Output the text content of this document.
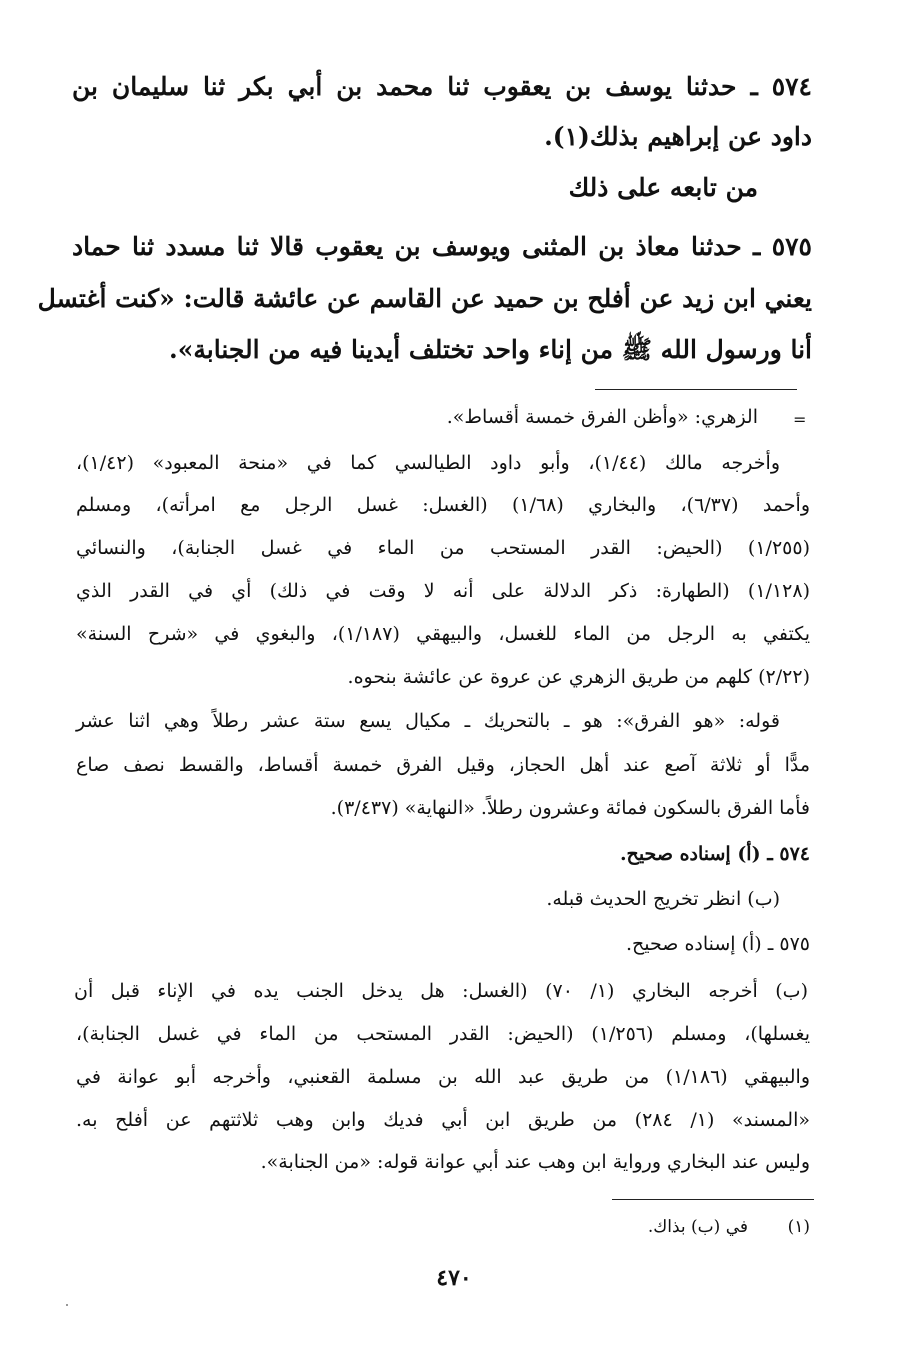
٥٧٤ ـ حدثنا يوسف بن يعقوب ثنا محمد بن أبي بكر ثنا سليمان بن
داود عن إبراهيم بذلك(١).
من تابعه على ذلك
٥٧٥ ـ حدثنا معاذ بن المثنى ويوسف بن يعقوب قالا ثنا مسدد ثنا حماد
يعني ابن زيد عن أفلح بن حميد عن القاسم عن عائشة قالت: «كنت أغتسل
أنا ورسول الله ﷺ من إناء واحد تختلف أيدينا فيه من الجنابة».
=
الزهري: «وأظن الفرق خمسة أقساط».
وأخرجه مالك (١/٤٤)، وأبو داود الطيالسي كما في «منحة المعبود» (١/٤٢)،
وأحمد (٦/٣٧)، والبخاري (١/٦٨) (الغسل: غسل الرجل مع امرأته)، ومسلم
(١/٢٥٥) (الحيض: القدر المستحب من الماء في غسل الجنابة)، والنسائي
(١/١٢٨) (الطهارة: ذكر الدلالة على أنه لا وقت في ذلك) أي في القدر الذي
يكتفي به الرجل من الماء للغسل، والبيهقي (١/١٨٧)، والبغوي في «شرح السنة»
(٢/٢٢) كلهم من طريق الزهري عن عروة عن عائشة بنحوه.
قوله: «هو الفرق»: هو ـ بالتحريك ـ مكيال يسع ستة عشر رطلاً وهي اثنا عشر
مدًّا أو ثلاثة آصع عند أهل الحجاز، وقيل الفرق خمسة أقساط، والقسط نصف صاع
فأما الفرق بالسكون فمائة وعشرون رطلاً. «النهاية» (٣/٤٣٧).
٥٧٤ ـ (أ) إسناده صحيح.
(ب) انظر تخريج الحديث قبله.
٥٧٥ ـ (أ) إسناده صحيح.
(ب) أخرجه البخاري (١/ ٧٠) (الغسل: هل يدخل الجنب يده في الإناء قبل أن
يغسلها)، ومسلم (١/٢٥٦) (الحيض: القدر المستحب من الماء في غسل الجنابة)،
والبيهقي (١/١٨٦) من طريق عبد الله بن مسلمة القعنبي، وأخرجه أبو عوانة في
«المسند» (١/ ٢٨٤) من طريق ابن أبي فديك وابن وهب ثلاثتهم عن أفلح به.
وليس عند البخاري ورواية ابن وهب عند أبي عوانة قوله: «من الجنابة».
(١)
في (ب) بذاك.
٤٧٠
